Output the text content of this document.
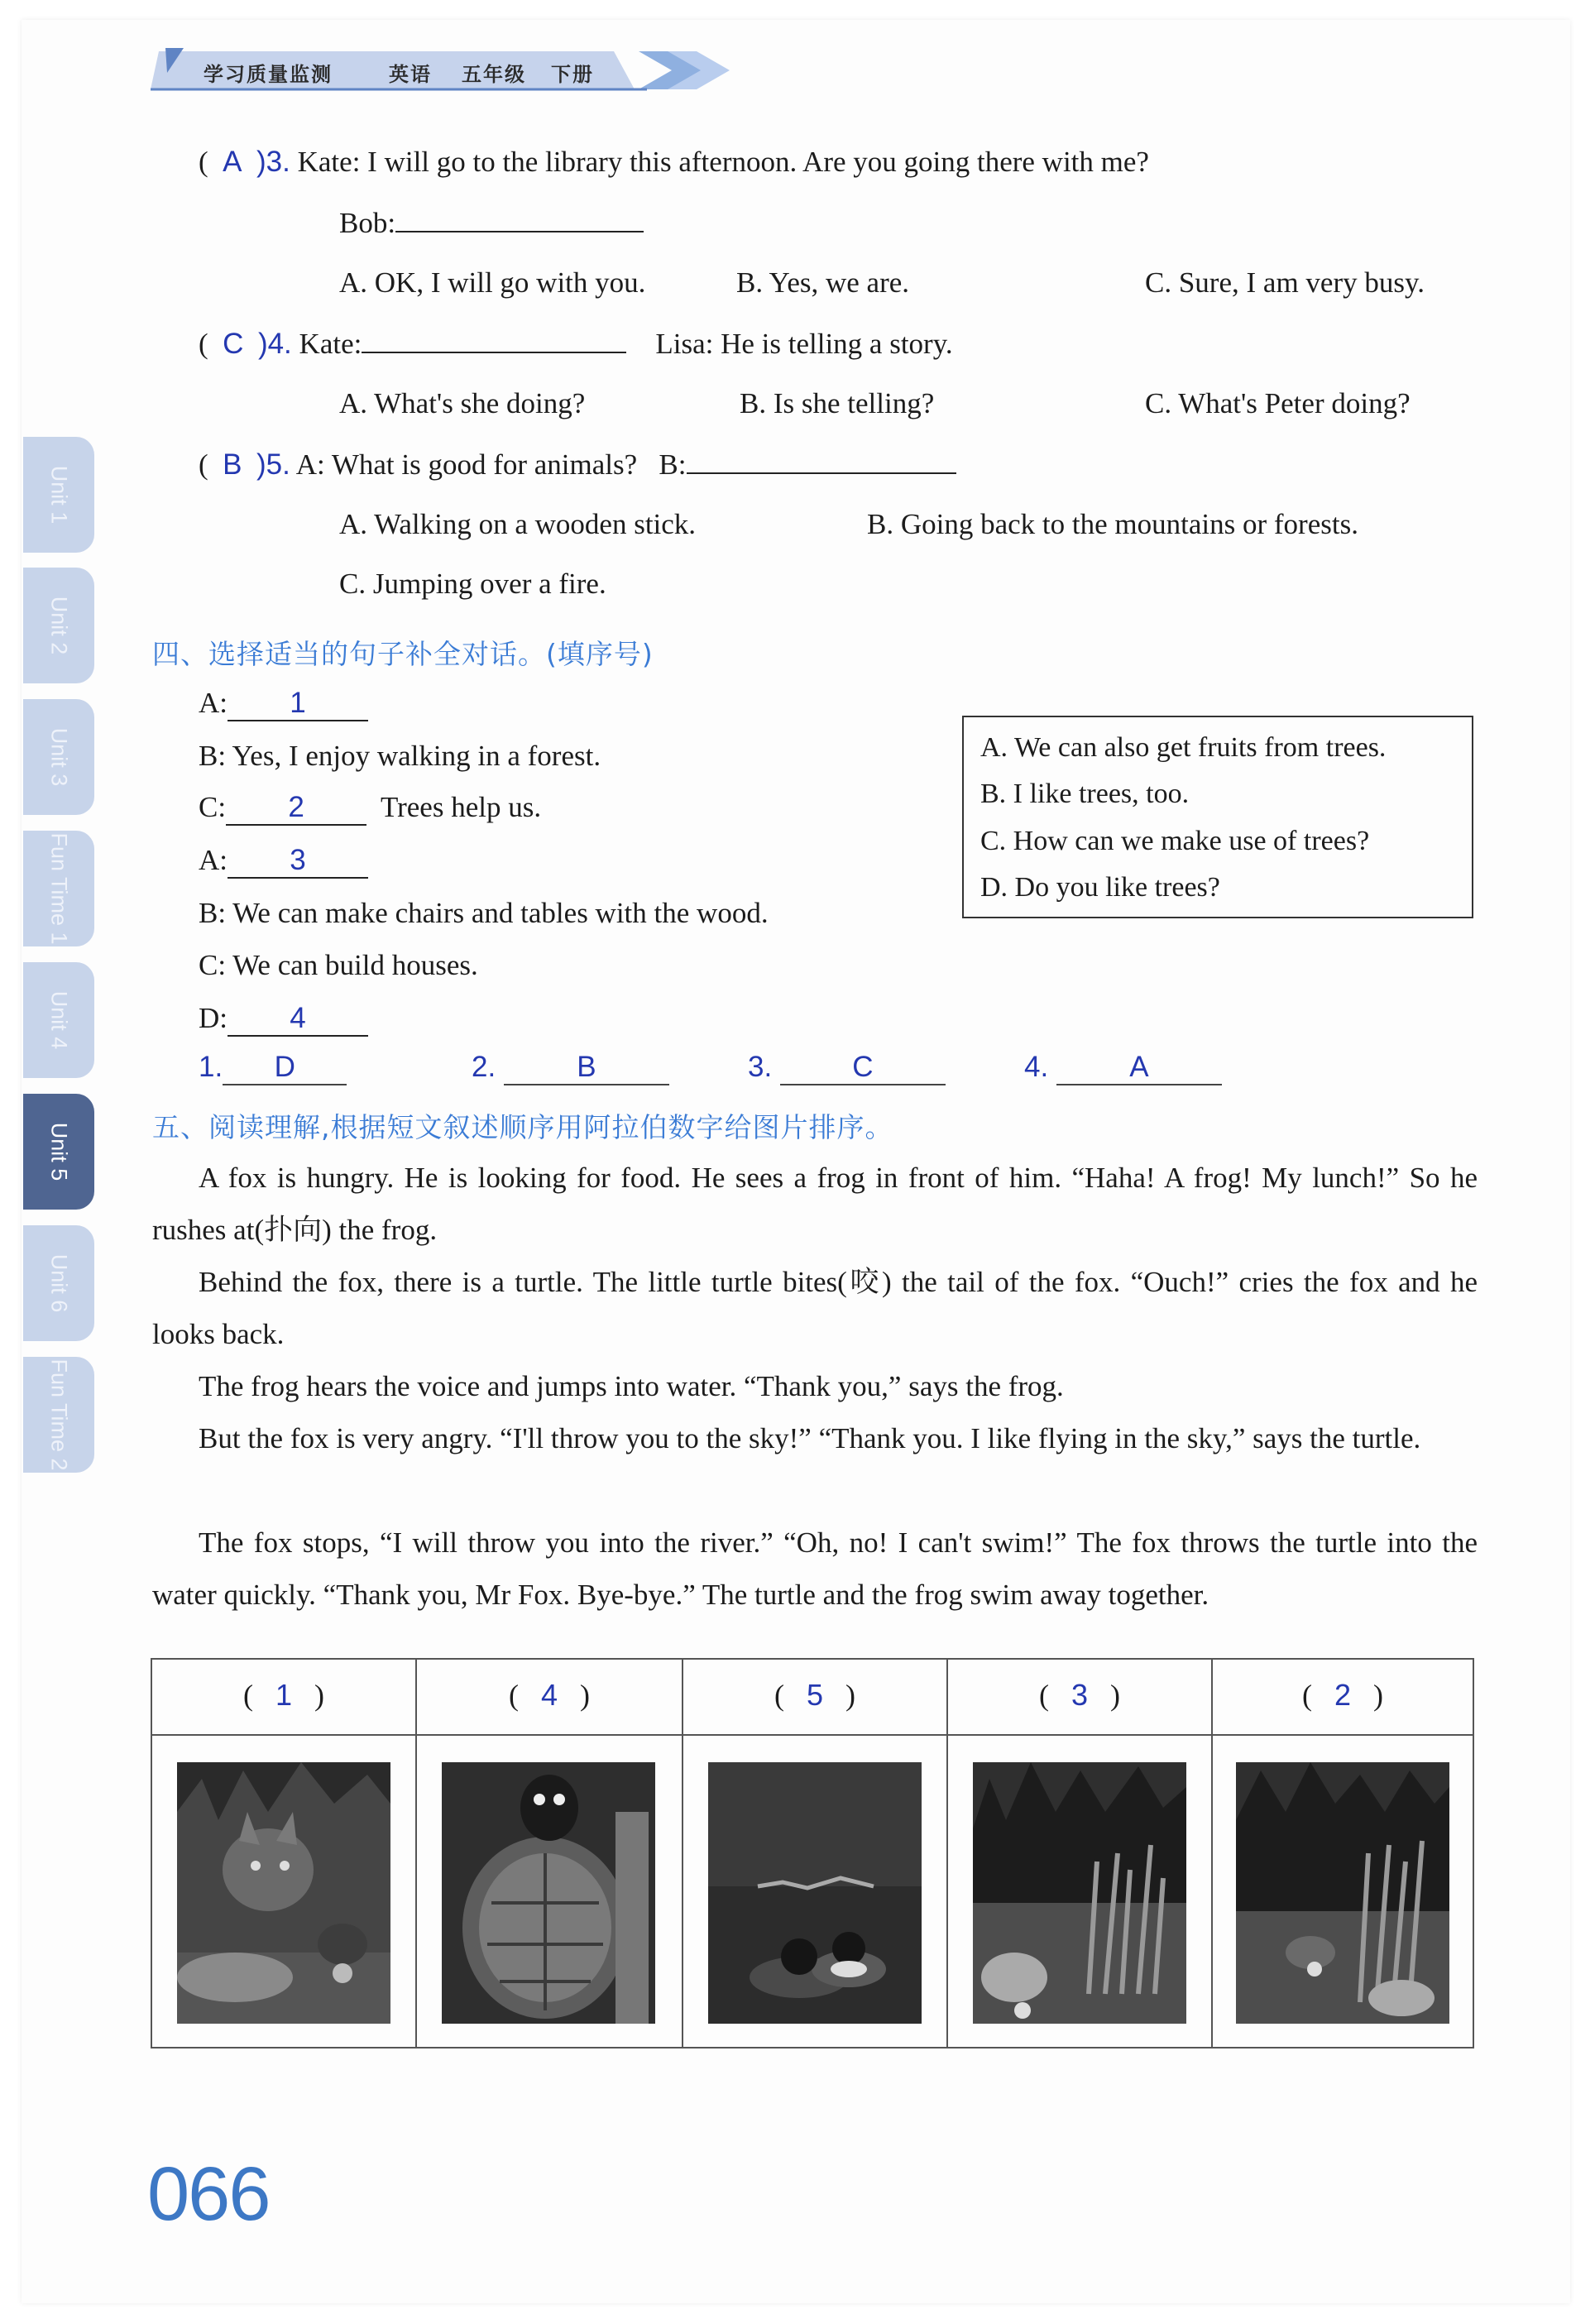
学习质量监测	英语 五年级 下册
Unit 1
Unit 2
Unit 3
Fun Time 1
Unit 4
Unit 5
Unit 6
Fun Time 2
(  A )3. Kate: I will go to the library this afternoon. Are you going there with me?
Bob:
A. OK, I will go with you.	B. Yes, we are.	C. Sure, I am very busy.
(  C )4. Kate:	Lisa: He is telling a story.
A. What's she doing?	B. Is she telling?	C. What's Peter doing?
(  B )5. A: What is good for animals? B:
A. Walking on a wooden stick.	B. Going back to the mountains or forests.
C. Jumping over a fire.
四、选择适当的句子补全对话。(填序号)
A: 1
B: Yes, I enjoy walking in a forest.
C: 2	Trees help us.
A: 3
B: We can make chairs and tables with the wood.
C: We can build houses.
D: 4
A. We can also get fruits from trees.
B. I like trees, too.
C. How can we make use of trees?
D. Do you like trees?
1. D	2.	B	3.	C	4.	A
五、阅读理解,根据短文叙述顺序用阿拉伯数字给图片排序。
A fox is hungry. He is looking for food. He sees a frog in front of him. “Haha! A frog! My lunch!” So he rushes at(扑向) the frog.
Behind the fox, there is a turtle. The little turtle bites(咬) the tail of the fox. “Ouch!” cries the fox and he looks back.
The frog hears the voice and jumps into water. “Thank you,” says the frog.
But the fox is very angry. “I'll throw you to the sky!” “Thank you. I like flying in the sky,” says the turtle.
The fox stops, “I will throw you into the river.” “Oh, no! I can't swim!” The fox throws the turtle into the water quickly. “Thank you, Mr Fox. Bye-bye.” The turtle and the frog swim away together.
(   1   )	(   4   )	(   5   )	(   3   )	(   2   )
066
